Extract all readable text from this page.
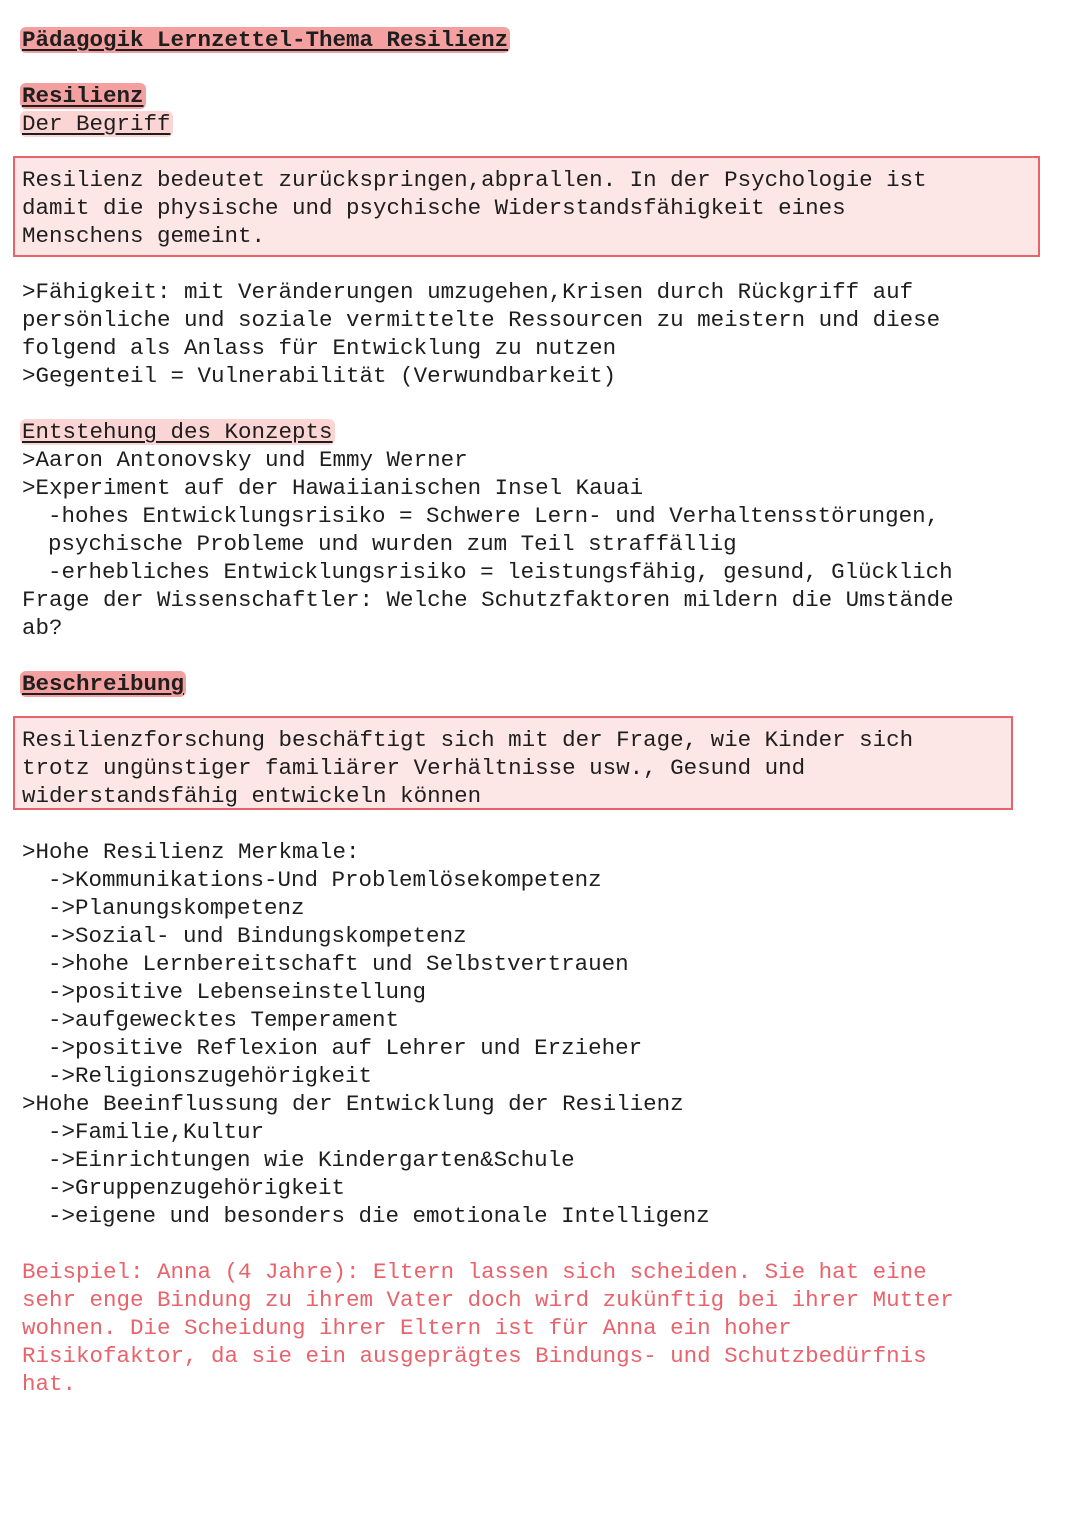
Pädagogik Lernzettel-Thema Resilienz

Resilienz

Der Begriff

Resilienz bedeutet zurückspringen,abprallen. In der Psychologie ist

damit die physische und psychische Widerstandsfähigkeit eines

Menschens gemeint.

>Fähigkeit: mit Veränderungen umzugehen,Krisen durch Rückgriff auf

persönliche und soziale vermittelte Ressourcen zu meistern und diese

folgend als Anlass für Entwicklung zu nutzen

>Gegenteil = Vulnerabilität (Verwundbarkeit)

Entstehung des Konzepts

>Aaron Antonovsky und Emmy Werner

>Experiment auf der Hawaiianischen Insel Kauai

-hohes Entwicklungsrisiko = Schwere Lern- und Verhaltensstörungen,

psychische Probleme und wurden zum Teil straffällig

-erhebliches Entwicklungsrisiko = leistungsfähig, gesund, Glücklich

Frage der Wissenschaftler: Welche Schutzfaktoren mildern die Umstände

ab?

Beschreibung

Resilienzforschung beschäftigt sich mit der Frage, wie Kinder sich

trotz ungünstiger familiärer Verhältnisse usw., Gesund und

widerstandsfähig entwickeln können

>Hohe Resilienz Merkmale:

->Kommunikations-Und Problemlösekompetenz

->Planungskompetenz

->Sozial- und Bindungskompetenz

->hohe Lernbereitschaft und Selbstvertrauen

->positive Lebenseinstellung

->aufgewecktes Temperament

->positive Reflexion auf Lehrer und Erzieher

->Religionszugehörigkeit

>Hohe Beeinflussung der Entwicklung der Resilienz

->Familie,Kultur

->Einrichtungen wie Kindergarten&Schule

->Gruppenzugehörigkeit

->eigene und besonders die emotionale Intelligenz

Beispiel: Anna (4 Jahre): Eltern lassen sich scheiden. Sie hat eine

sehr enge Bindung zu ihrem Vater doch wird zukünftig bei ihrer Mutter

wohnen. Die Scheidung ihrer Eltern ist für Anna ein hoher

Risikofaktor, da sie ein ausgeprägtes Bindungs- und Schutzbedürfnis

hat.
